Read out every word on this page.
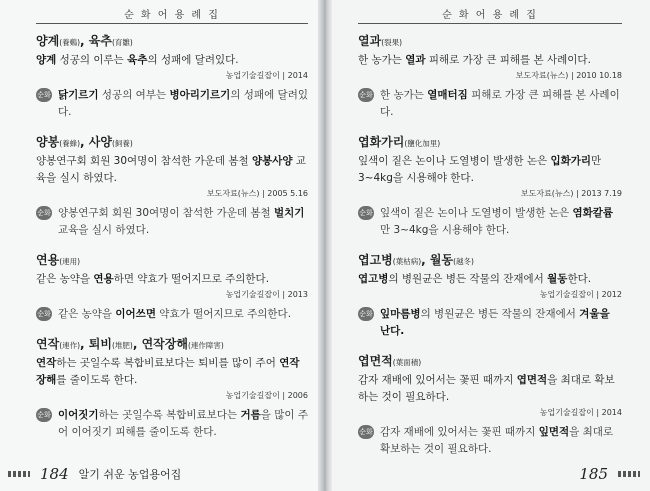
순 화 어 용 례 집
양계(養鷄), 육추(育雛)

양계 성공의 이루는 육추의 성패에 달려있다.

농업기술길잡이 | 2014
순화 닭기르기 성공의 여부는 병아리기르기의 성패에 달려있다.
양봉(養蜂), 사양(飼養)

양봉연구회 회원 30여명이 참석한 가운데 봄철 양봉사양 교육을 실시 하였다.

보도자료(뉴스) | 2005 5.16
순화 양봉연구회 회원 30여명이 참석한 가운데 봄철 벌치기 교육을 실시 하였다.
연용(連用)

같은 농약을 연용하면 약효가 떨어지므로 주의한다.

농업기술길잡이 | 2013
순화 같은 농약을 이어쓰면 약효가 떨어지므로 주의한다.
연작(連作), 퇴비(堆肥), 연작장해(連作障害)

연작하는 곳일수록 복합비료보다는 퇴비를 많이 주어 연작장해를 줄이도록 한다.

농업기술길잡이 | 2006
순화 이어짓기하는 곳일수록 복합비료보다는 거름을 많이 주어 이어짓기 피해를 줄이도록 한다.
184 알기 쉬운 농업용어집
순 화 어 용 례 집
열과(裂果)

한 농가는 열과 피해로 가장 큰 피해를 본 사례이다.

보도자료(뉴스) | 2010 10.18
순화 한 농가는 열매터짐 피해로 가장 큰 피해를 본 사례이다.
엽화가리(鹽化加里)

잎색이 짙은 논이나 도열병이 발생한 논은 입화가리만 3~4kg을 시용해야 한다.

보도자료(뉴스) | 2013 7.19
순화 잎색이 짙은 논이나 도열병이 발생한 논은 염화칼륨만 3~4kg을 시용해야 한다.
엽고병(葉枯病), 월동(越冬)

엽고병의 병원균은 병든 작물의 잔재에서 월동한다.

농업기술길잡이 | 2012
순화 잎마름병의 병원균은 병든 작물의 잔재에서 겨울을 난다.
엽면적(葉面積)

감자 재배에 있어서는 꽃핀 때까지 엽면적을 최대로 확보하는 것이 필요하다.

농업기술길잡이 | 2014
순화 감자 재배에 있어서는 꽃핀 때까지 잎면적을 최대로 확보하는 것이 필요하다.
185
